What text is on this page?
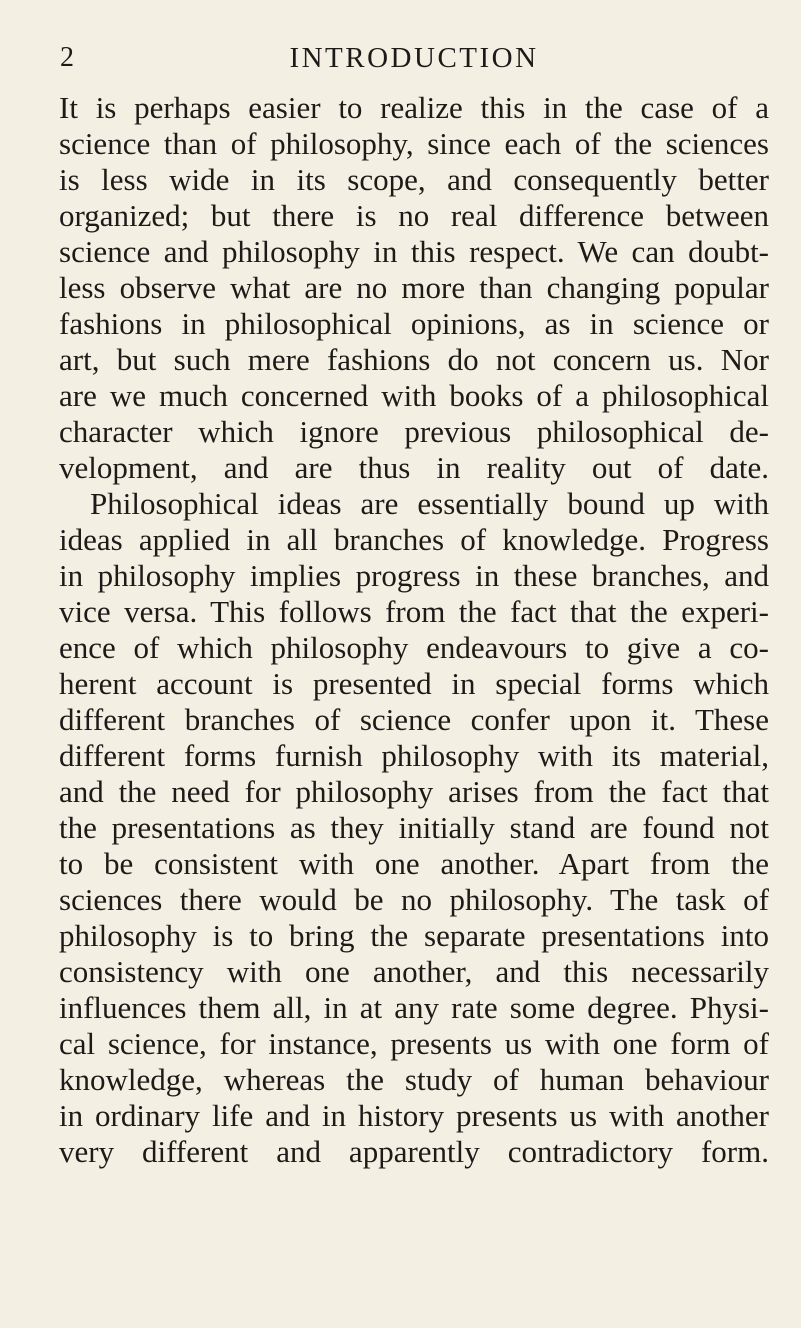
2	INTRODUCTION
It is perhaps easier to realize this in the case of a
science than of philosophy, since each of the sciences
is less wide in its scope, and consequently better
organized; but there is no real difference between
science and philosophy in this respect. We can doubt-
less observe what are no more than changing popular
fashions in philosophical opinions, as in science or
art, but such mere fashions do not concern us. Nor
are we much concerned with books of a philosophical
character which ignore previous philosophical de-
velopment, and are thus in reality out of date.
Philosophical ideas are essentially bound up with
ideas applied in all branches of knowledge. Progress
in philosophy implies progress in these branches, and
vice versa. This follows from the fact that the experi-
ence of which philosophy endeavours to give a co-
herent account is presented in special forms which
different branches of science confer upon it. These
different forms furnish philosophy with its material,
and the need for philosophy arises from the fact that
the presentations as they initially stand are found not
to be consistent with one another. Apart from the
sciences there would be no philosophy. The task of
philosophy is to bring the separate presentations into
consistency with one another, and this necessarily
influences them all, in at any rate some degree. Physi-
cal science, for instance, presents us with one form of
knowledge, whereas the study of human behaviour
in ordinary life and in history presents us with another
very different and apparently contradictory form.
